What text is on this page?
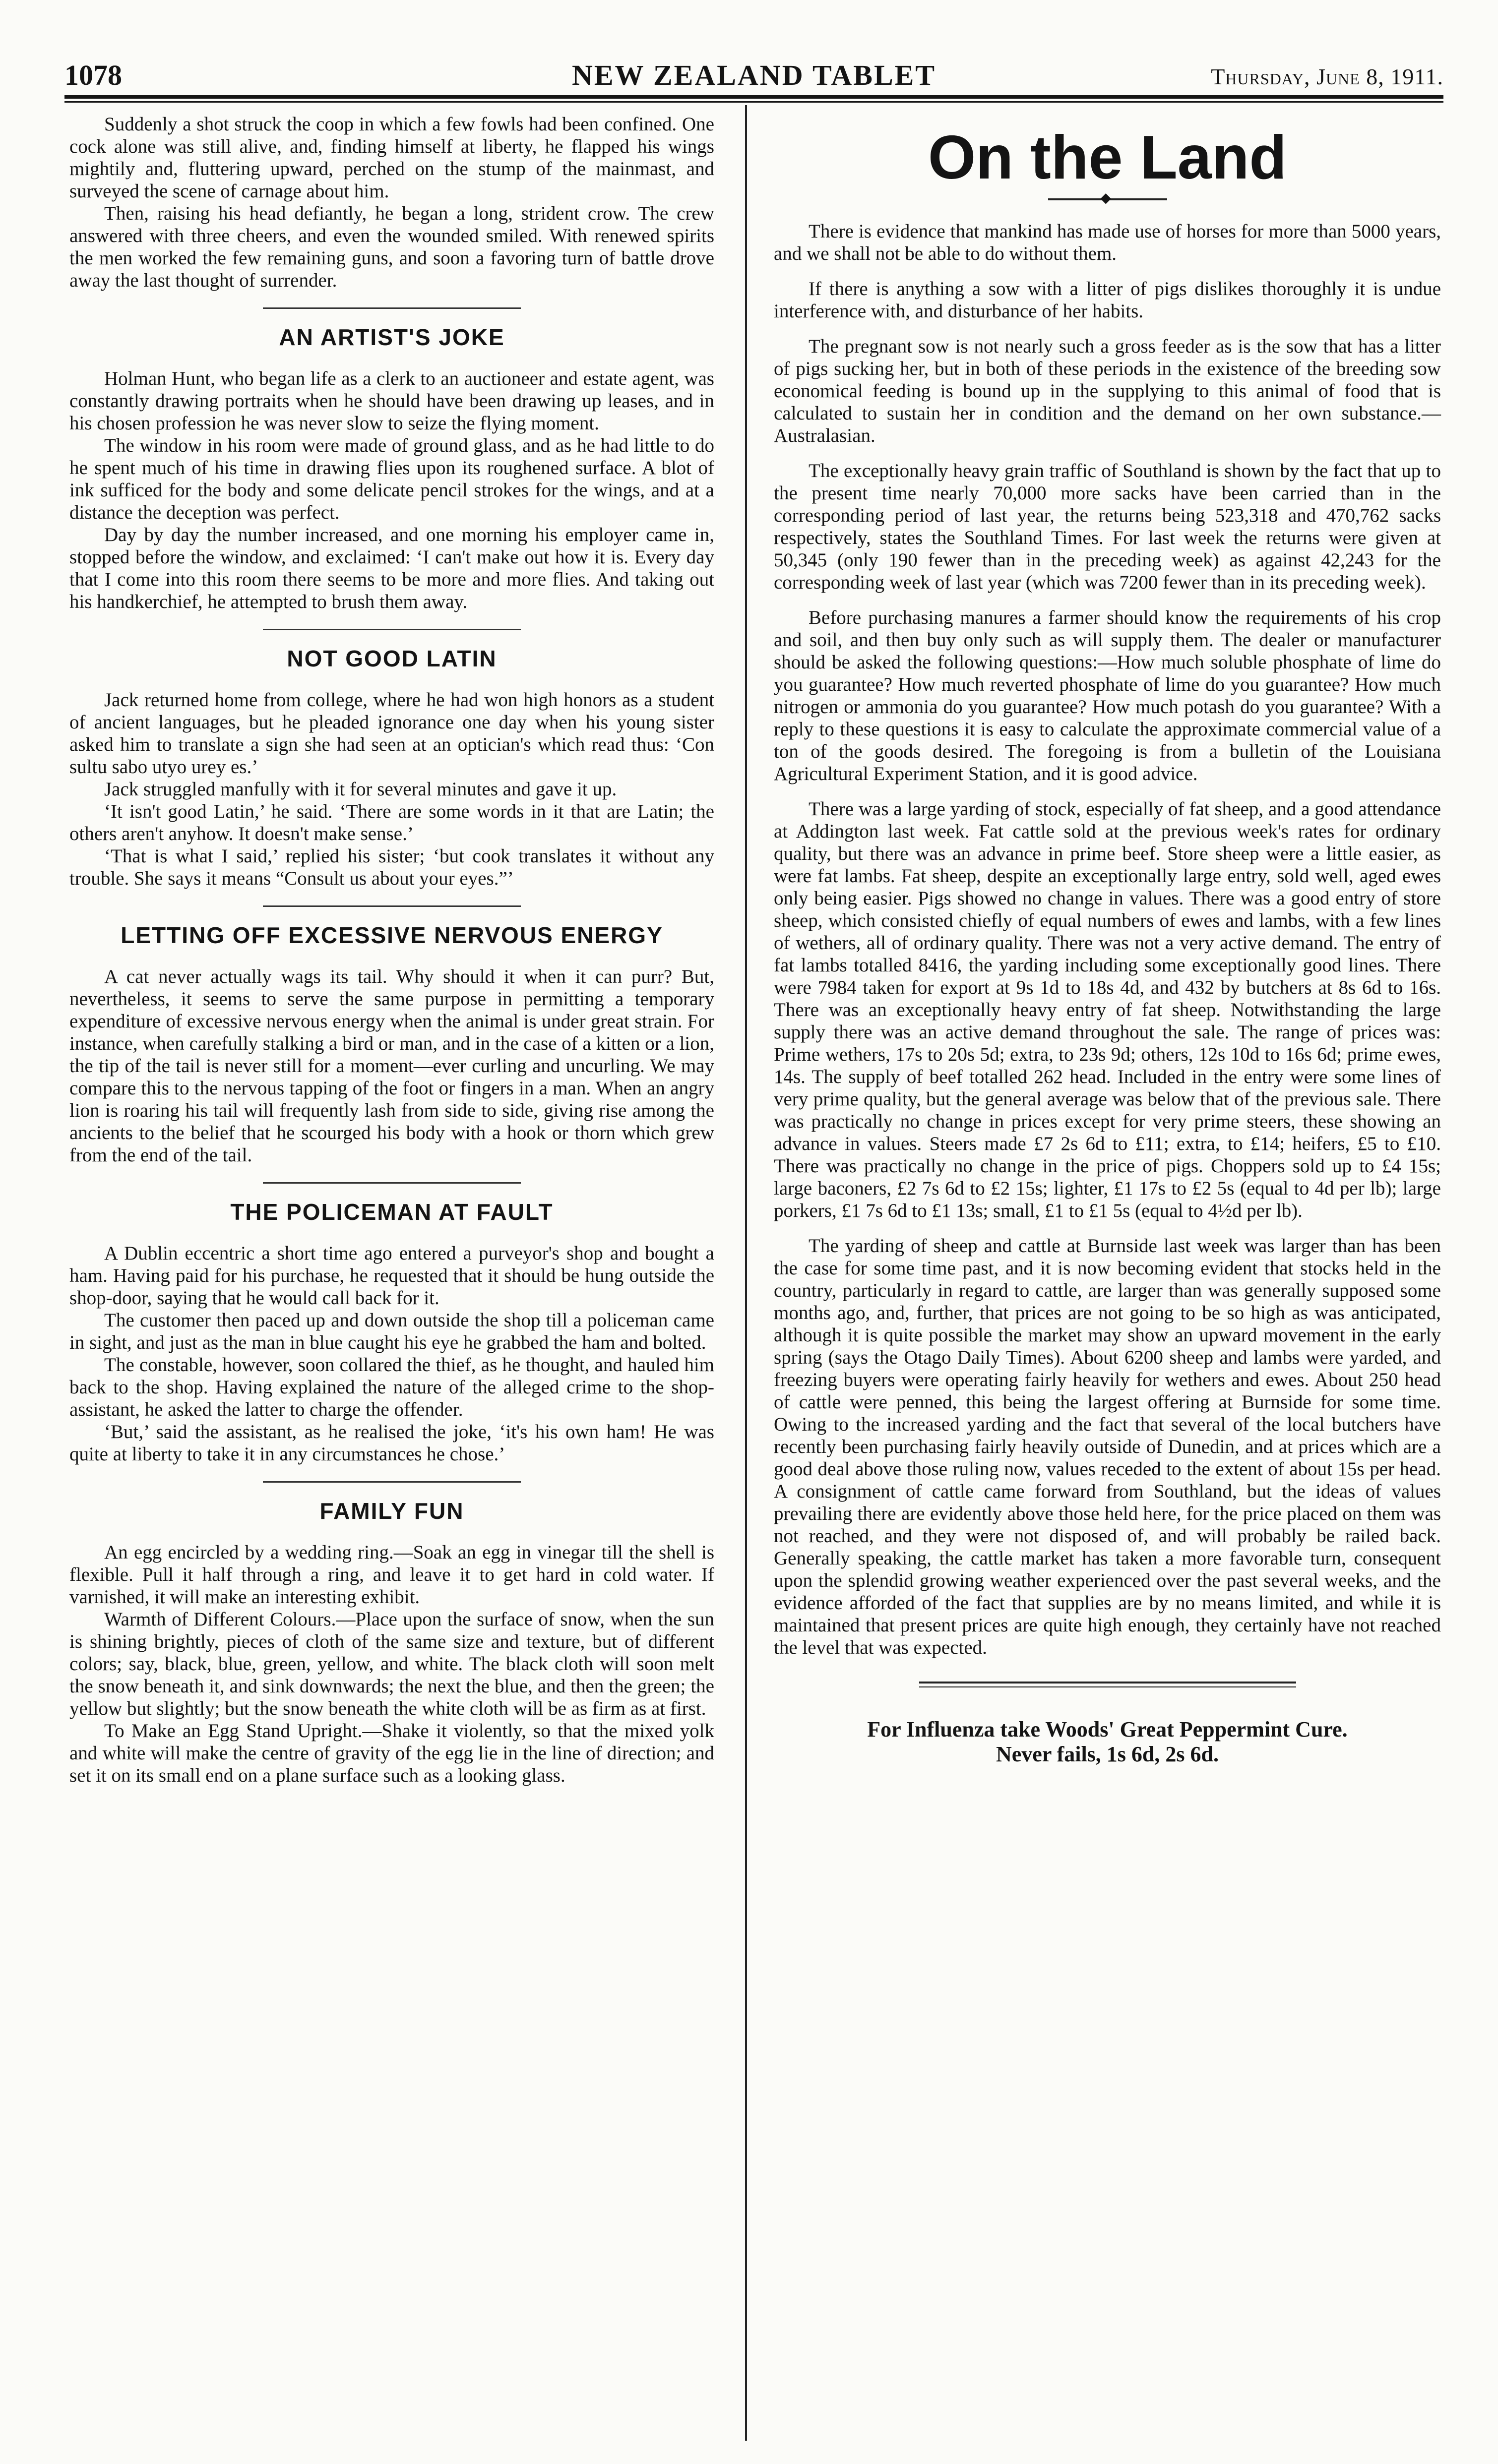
1078	NEW ZEALAND TABLET	Thursday, June 8, 1911.

Suddenly a shot struck the coop in which a few fowls had been confined. One cock alone was still alive, and, finding himself at liberty, he flapped his wings mightily and, fluttering upward, perched on the stump of the mainmast, and surveyed the scene of carnage about him.

Then, raising his head defiantly, he began a long, strident crow. The crew answered with three cheers, and even the wounded smiled. With renewed spirits the men worked the few remaining guns, and soon a favoring turn of battle drove away the last thought of surrender.

AN ARTIST'S JOKE

Holman Hunt, who began life as a clerk to an auctioneer and estate agent, was constantly drawing portraits when he should have been drawing up leases, and in his chosen profession he was never slow to seize the flying moment.

The window in his room were made of ground glass, and as he had little to do he spent much of his time in drawing flies upon its roughened surface. A blot of ink sufficed for the body and some delicate pencil strokes for the wings, and at a distance the deception was perfect.

Day by day the number increased, and one morning his employer came in, stopped before the window, and exclaimed: ‘I can't make out how it is. Every day that I come into this room there seems to be more and more flies. And taking out his handkerchief, he attempted to brush them away.

NOT GOOD LATIN

Jack returned home from college, where he had won high honors as a student of ancient languages, but he pleaded ignorance one day when his young sister asked him to translate a sign she had seen at an optician's which read thus: ‘Con sultu sabo utyo urey es.’

Jack struggled manfully with it for several minutes and gave it up.

‘It isn't good Latin,’ he said. ‘There are some words in it that are Latin; the others aren't anyhow. It doesn't make sense.’

‘That is what I said,’ replied his sister; ‘but cook translates it without any trouble. She says it means “Consult us about your eyes.”’

LETTING OFF EXCESSIVE NERVOUS ENERGY

A cat never actually wags its tail. Why should it when it can purr? But, nevertheless, it seems to serve the same purpose in permitting a temporary expenditure of excessive nervous energy when the animal is under great strain. For instance, when carefully stalking a bird or man, and in the case of a kitten or a lion, the tip of the tail is never still for a moment—ever curling and uncurling. We may compare this to the nervous tapping of the foot or fingers in a man. When an angry lion is roaring his tail will frequently lash from side to side, giving rise among the ancients to the belief that he scourged his body with a hook or thorn which grew from the end of the tail.

THE POLICEMAN AT FAULT

A Dublin eccentric a short time ago entered a purveyor's shop and bought a ham. Having paid for his purchase, he requested that it should be hung outside the shop-door, saying that he would call back for it.

The customer then paced up and down outside the shop till a policeman came in sight, and just as the man in blue caught his eye he grabbed the ham and bolted.

The constable, however, soon collared the thief, as he thought, and hauled him back to the shop. Having explained the nature of the alleged crime to the shop-assistant, he asked the latter to charge the offender.

‘But,’ said the assistant, as he realised the joke, ‘it's his own ham! He was quite at liberty to take it in any circumstances he chose.’

FAMILY FUN

An egg encircled by a wedding ring.—Soak an egg in vinegar till the shell is flexible. Pull it half through a ring, and leave it to get hard in cold water. If varnished, it will make an interesting exhibit.

Warmth of Different Colours.—Place upon the surface of snow, when the sun is shining brightly, pieces of cloth of the same size and texture, but of different colors; say, black, blue, green, yellow, and white. The black cloth will soon melt the snow beneath it, and sink downwards; the next the blue, and then the green; the yellow but slightly; but the snow beneath the white cloth will be as firm as at first.

To Make an Egg Stand Upright.—Shake it violently, so that the mixed yolk and white will make the centre of gravity of the egg lie in the line of direction; and set it on its small end on a plane surface such as a looking glass.

On the Land
◆

There is evidence that mankind has made use of horses for more than 5000 years, and we shall not be able to do without them.

If there is anything a sow with a litter of pigs dislikes thoroughly it is undue interference with, and disturbance of her habits.

The pregnant sow is not nearly such a gross feeder as is the sow that has a litter of pigs sucking her, but in both of these periods in the existence of the breeding sow economical feeding is bound up in the supplying to this animal of food that is calculated to sustain her in condition and the demand on her own substance.—Australasian.

The exceptionally heavy grain traffic of Southland is shown by the fact that up to the present time nearly 70,000 more sacks have been carried than in the corresponding period of last year, the returns being 523,318 and 470,762 sacks respectively, states the Southland Times. For last week the returns were given at 50,345 (only 190 fewer than in the preceding week) as against 42,243 for the corresponding week of last year (which was 7200 fewer than in its preceding week).

Before purchasing manures a farmer should know the requirements of his crop and soil, and then buy only such as will supply them. The dealer or manufacturer should be asked the following questions:—How much soluble phosphate of lime do you guarantee? How much reverted phosphate of lime do you guarantee? How much nitrogen or ammonia do you guarantee? How much potash do you guarantee? With a reply to these questions it is easy to calculate the approximate commercial value of a ton of the goods desired. The foregoing is from a bulletin of the Louisiana Agricultural Experiment Station, and it is good advice.

There was a large yarding of stock, especially of fat sheep, and a good attendance at Addington last week. Fat cattle sold at the previous week's rates for ordinary quality, but there was an advance in prime beef. Store sheep were a little easier, as were fat lambs. Fat sheep, despite an exceptionally large entry, sold well, aged ewes only being easier. Pigs showed no change in values. There was a good entry of store sheep, which consisted chiefly of equal numbers of ewes and lambs, with a few lines of wethers, all of ordinary quality. There was not a very active demand. The entry of fat lambs totalled 8416, the yarding including some exceptionally good lines. There were 7984 taken for export at 9s 1d to 18s 4d, and 432 by butchers at 8s 6d to 16s. There was an exceptionally heavy entry of fat sheep. Notwithstanding the large supply there was an active demand throughout the sale. The range of prices was: Prime wethers, 17s to 20s 5d; extra, to 23s 9d; others, 12s 10d to 16s 6d; prime ewes, 14s. The supply of beef totalled 262 head. Included in the entry were some lines of very prime quality, but the general average was below that of the previous sale. There was practically no change in prices except for very prime steers, these showing an advance in values. Steers made £7 2s 6d to £11; extra, to £14; heifers, £5 to £10. There was practically no change in the price of pigs. Choppers sold up to £4 15s; large baconers, £2 7s 6d to £2 15s; lighter, £1 17s to £2 5s (equal to 4d per lb); large porkers, £1 7s 6d to £1 13s; small, £1 to £1 5s (equal to 4½d per lb).

The yarding of sheep and cattle at Burnside last week was larger than has been the case for some time past, and it is now becoming evident that stocks held in the country, particularly in regard to cattle, are larger than was generally supposed some months ago, and, further, that prices are not going to be so high as was anticipated, although it is quite possible the market may show an upward movement in the early spring (says the Otago Daily Times). About 6200 sheep and lambs were yarded, and freezing buyers were operating fairly heavily for wethers and ewes. About 250 head of cattle were penned, this being the largest offering at Burnside for some time. Owing to the increased yarding and the fact that several of the local butchers have recently been purchasing fairly heavily outside of Dunedin, and at prices which are a good deal above those ruling now, values receded to the extent of about 15s per head. A consignment of cattle came forward from Southland, but the ideas of values prevailing there are evidently above those held here, for the price placed on them was not reached, and they were not disposed of, and will probably be railed back. Generally speaking, the cattle market has taken a more favorable turn, consequent upon the splendid growing weather experienced over the past several weeks, and the evidence afforded of the fact that supplies are by no means limited, and while it is maintained that present prices are quite high enough, they certainly have not reached the level that was expected.

For Influenza take Woods' Great Peppermint Cure.
Never fails, 1s 6d, 2s 6d.
